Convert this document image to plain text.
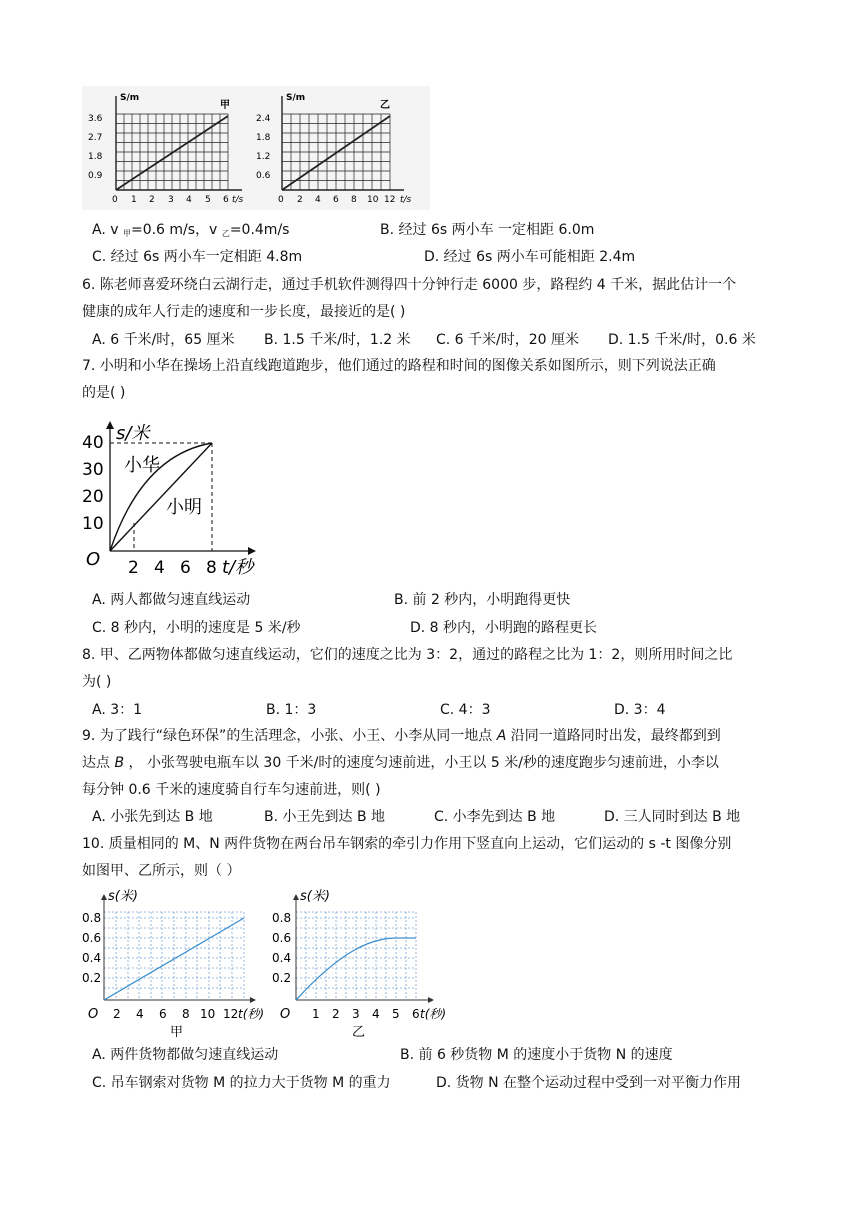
3.6
2.7
1.8
0.9
S/m
甲
0 1 2 3 4 5 6 t/s
2.4
1.8
1.2
0.6
S/m
乙
0 2 4 6 8 10 12 t/s
A. v $_甲$=0.6 m/s，v $_乙$=0.4m/s	B. 经过 6s 两小车 一定相距 6.0m
C. 经过 6s 两小车一定相距 4.8m	D. 经过 6s 两小车可能相距 2.4m
6. 陈老师喜爱环绕白云湖行走，通过手机软件测得四十分钟行走 6000 步，路程约 4 千米，据此估计一个
健康的成年人行走的速度和一步长度，最接近的是( )
A. 6 千米/时，65 厘米 B. 1.5 千米/时，1.2 米 C. 6 千米/时，20 厘米 D. 1.5 千米/时，0.6 米
7. 小明和小华在操场上沿直线跑道跑步，他们通过的路程和时间的图像关系如图所示，则下列说法正确
的是( )
40
30
20
10
s/米
O 2 4 6 8 t/秒
小华
小明
A. 两人都做匀速直线运动	B. 前 2 秒内，小明跑得更快
C. 8 秒内，小明的速度是 5 米/秒	D. 8 秒内，小明跑的路程更长
8. 甲、乙两物体都做匀速直线运动，它们的速度之比为 3：2，通过的路程之比为 1：2，则所用时间之比
为( )
A. 3：1	B. 1：3	C. 4：3	D. 3：4
9. 为了践行“绿色环保”的生活理念，小张、小王、小李从同一地点 A 沿同一道路同时出发，最终都到到
达点 B ， 小张驾驶电瓶车以 30 千米/时的速度匀速前进，小王以 5 米/秒的速度跑步匀速前进，小李以
每分钟 0.6 千米的速度骑自行车匀速前进，则( )
A. 小张先到达 B 地	B. 小王先到达 B 地	C. 小李先到达 B 地	D. 三人同时到达 B 地
10. 质量相同的 M、N 两件货物在两台吊车钢索的牵引力作用下竖直向上运动，它们运动的 s -t 图像分别
如图甲、乙所示，则（ ）
0.8
0.6
0.4
0.2
s(米)
O 2 4 6 8 10 12 t(秒)
甲
0.8
0.6
0.4
0.2
s(米)
O 1 2 3 4 5 6 t(秒)
乙
A. 两件货物都做匀速直线运动	B. 前 6 秒货物 M 的速度小于货物 N 的速度
C. 吊车钢索对货物 M 的拉力大于货物 M 的重力	D. 货物 N 在整个运动过程中受到一对平衡力作用
